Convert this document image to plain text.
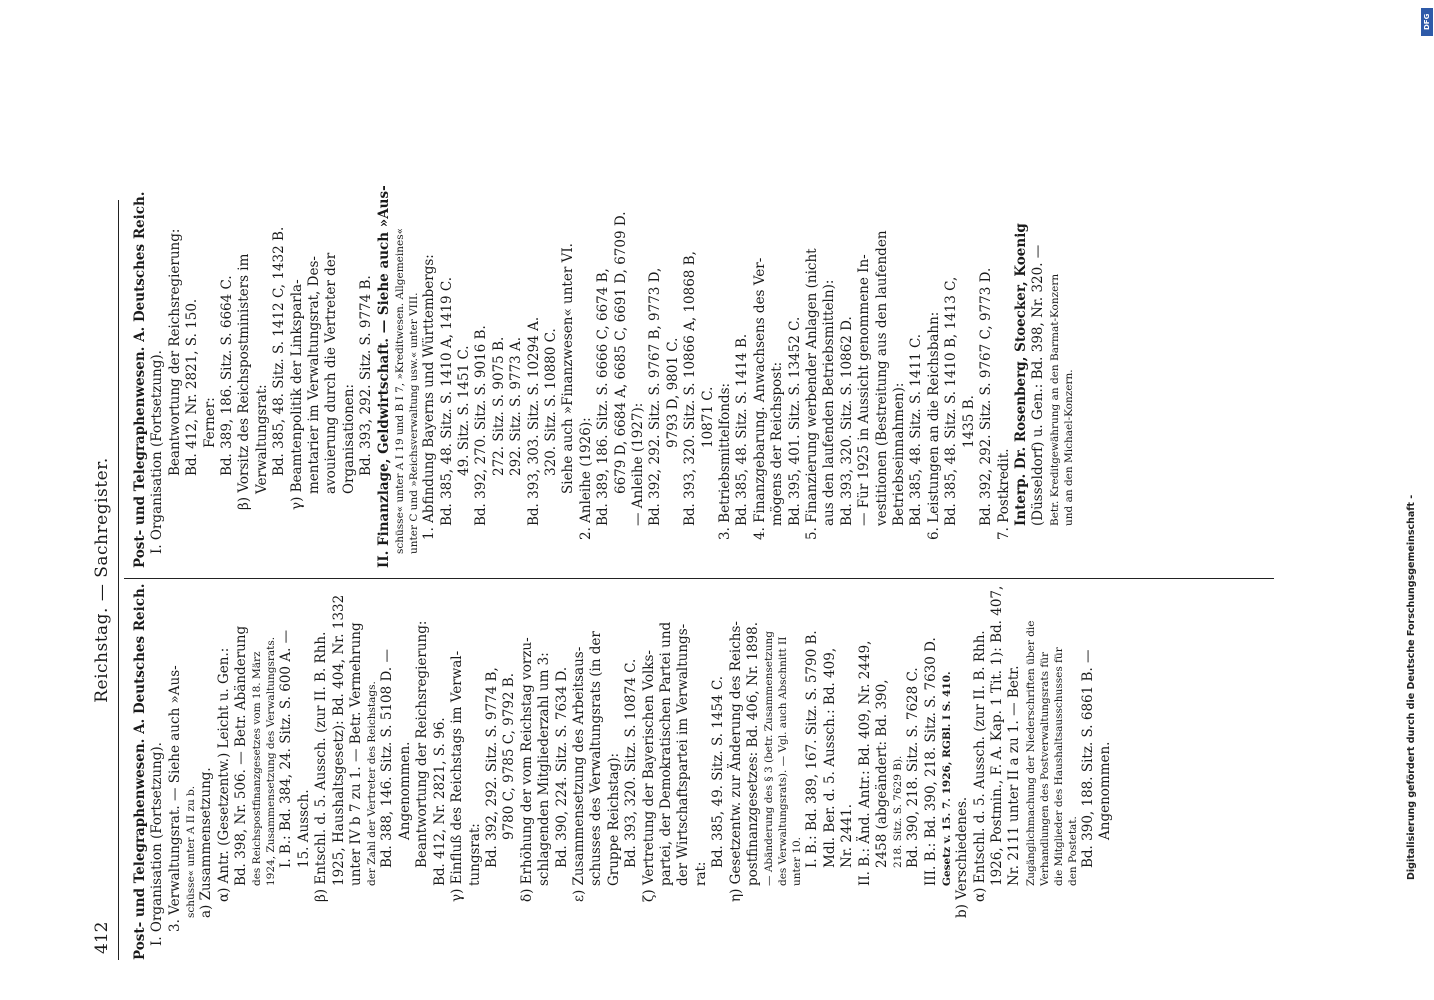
412
Reichstag. — Sachregister.

Post- und Telegraphenwesen. A. Deutsches Reich. I. Organisation (Fortsetzung). 3. Verwaltungsrat. — Siehe auch »Aus- schüsse« unter A II zu b. a) Zusammensetzung. α) Antr. (Gesetzentw.) Leicht u. Gen.: Bd. 398, Nr. 506. — Betr. Abänderung des Reichspostfinanzgesetzes vom 18. März 1924, Zusammensetzung des Verwaltungsrats. I. B.: Bd. 384, 24. Sitz. S. 600 A. — 15. Aussch. β) Entschl. d. 5. Aussch. (zur II. B. Rhh. 1925, Haushaltsgesetz): Bd. 404, Nr. 1332 unter IV b 7 zu 1. — Betr. Vermehrung der Zahl der Vertreter des Reichstags. Bd. 388, 146. Sitz. S. 5108 D. — Angenommen. Beantwortung der Reichsregierung: Bd. 412, Nr. 2821, S. 96. γ) Einfluß des Reichstags im Verwal- tungsrat: Bd. 392, 292. Sitz. S. 9774 B, 9780 C, 9785 C, 9792 B. δ) Erhöhung der vom Reichstag vorzu- schlagenden Mitgliederzahl um 3: Bd. 390, 224. Sitz. S. 7634 D. ε) Zusammensetzung des Arbeitsaus- schusses des Verwaltungsrats (in der Gruppe Reichstag): Bd. 393, 320. Sitz. S. 10874 C. ζ) Vertretung der Bayerischen Volks- partei, der Demokratischen Partei und der Wirtschaftspartei im Verwaltungs- rat:

Bd. 385, 49. Sitz. S. 1454 C. η) Gesetzentw. zur Änderung des Reichs- postfinanzgesetzes: Bd. 406, Nr. 1898. — Abänderung des § 3 (betr. Zusammensetzung des Verwaltungsrats). — Vgl. auch Abschnitt II unter 10. I. B.: Bd. 389, 167. Sitz. S. 5790 B. Mdl. Ber. d. 5. Aussch.: Bd. 409, Nr. 2441. II. B.: Änd. Antr.: Bd. 409, Nr. 2449, 2458 (abgeändert: Bd. 390, 218. Sitz. S. 7629 B). Bd. 390, 218. Sitz. S. 7628 C. III. B.: Bd. 390, 218. Sitz. S. 7630 D. Gesetz v. 15. 7. 1926, RGBl. I S. 410. b) Verschiedenes. α) Entschl. d. 5. Aussch. (zur II. B. Rhh. 1926, Postmin., F. A. Kap. 1 Tit. 1): Bd. 407, Nr. 2111 unter II a zu 1. — Betr. Zugänglichmachung der Niederschriften über die Verhandlungen des Postverwaltungsrats für die Mitglieder des Haushaltsausschusses für den Postetat. Bd. 390, 188. Sitz. S. 6861 B. — Angenommen.

Post- und Telegraphenwesen. A. Deutsches Reich. I. Organisation (Fortsetzung). Beantwortung der Reichsregierung: Bd. 412, Nr. 2821, S. 150. Ferner: Bd. 389, 186. Sitz. S. 6664 C. β) Vorsitz des Reichspostministers im Verwaltungsrat: Bd. 385, 48. Sitz. S. 1412 C, 1432 B. γ) Beamtenpolitik der Linksparla- mentarier im Verwaltungsrat, Des- avouierung durch die Vertreter der Organisationen: Bd. 393, 292. Sitz. S. 9774 B. II. Finanzlage, Geldwirtschaft. — Siehe auch »Aus- schüsse« unter A I 19 und B I 7, »Kreditwesen. Allgemeines« unter C und »Reichsverwaltung usw.« unter VIII. 1. Abfindung Bayerns und Württembergs: Bd. 385, 48. Sitz. S. 1410 A, 1419 C. 49. Sitz. S. 1451 C. Bd. 392, 270. Sitz. S. 9016 B. 272. Sitz. S. 9075 B. 292. Sitz. S. 9773 A. Bd. 393, 303. Sitz. S. 10294 A. 320. Sitz. S. 10880 C. Siehe auch »Finanzwesen« unter VI. 2. Anleihe (1926): Bd. 389, 186. Sitz. S. 6666 C, 6674 B, 6679 D, 6684 A, 6685 C, 6691 D, 6709 D. — Anleihe (1927): Bd. 392, 292. Sitz. S. 9767 B, 9773 D, 9793 D, 9801 C. Bd. 393, 320. Sitz. S. 10866 A, 10868 B, 10871 C. 3. Betriebsmittelfonds: Bd. 385, 48. Sitz. S. 1414 B. 4. Finanzgebarung. Anwachsens des Ver- mögens der Reichspost: Bd. 395, 401. Sitz. S. 13452 C. 5. Finanzierung werbender Anlagen (nicht aus den laufenden Betriebsmitteln): Bd. 393, 320. Sitz. S. 10862 D. — Für 1925 in Aussicht genommene In- vestitionen (Bestreitung aus den laufenden Betriebseinnahmen): Bd. 385, 48. Sitz. S. 1411 C. 6. Leistungen an die Reichsbahn: Bd. 385, 48. Sitz. S. 1410 B, 1413 C, 1435 B. Bd. 392, 292. Sitz. S. 9767 C, 9773 D. 7. Postkredit. Interp. Dr. Rosenberg, Stoecker, Koenig (Düsseldorf) u. Gen.: Bd. 398, Nr. 320. — Betr. Kreditgewährung an den Barmat-Konzern und an den Michael-Konzern.

Digitalisierung gefördert durch die Deutsche Forschungsgemeinschaft -
DFG
